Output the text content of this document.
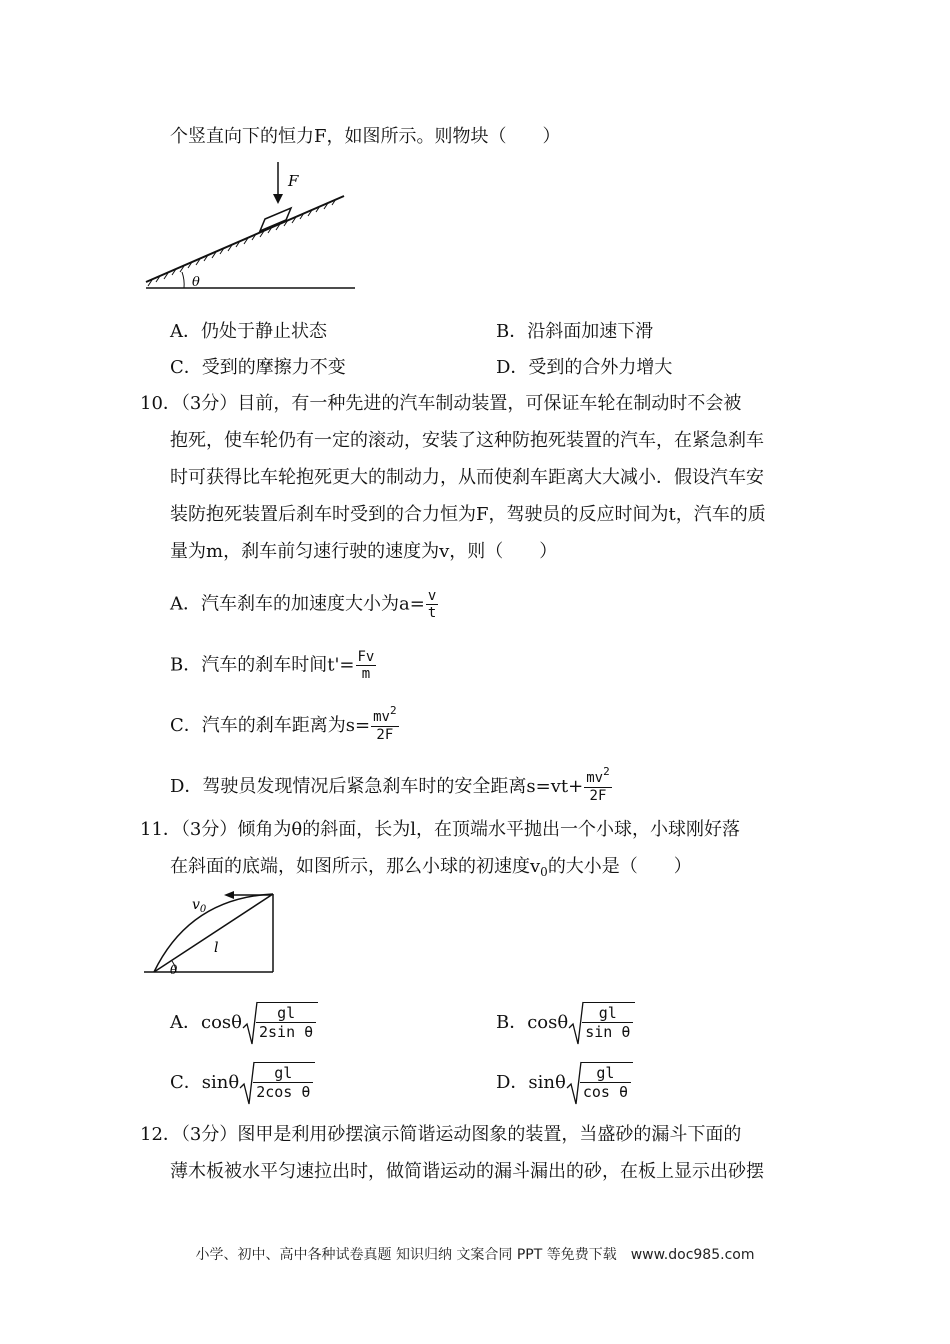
个竖直向下的恒力F，如图所示。则物块（　　）
F
θ
A．仍处于静止状态	B．沿斜面加速下滑
C．受到的摩擦力不变	D．受到的合外力增大
10．（3分）目前，有一种先进的汽车制动装置，可保证车轮在制动时不会被
抱死，使车轮仍有一定的滚动，安装了这种防抱死装置的汽车，在紧急刹车
时可获得比车轮抱死更大的制动力，从而使刹车距离大大减小．假设汽车安
装防抱死装置后刹车时受到的合力恒为F，驾驶员的反应时间为t，汽车的质
量为m，刹车前匀速行驶的速度为v，则（　　）
A．汽车刹车的加速度大小为$a= \frac{v}{t}$
B．汽车的刹车时间$t'= \frac{Fv}{m}$
C．汽车的刹车距离为$s= \frac{mv^2}{2F}$
D．驾驶员发现情况后紧急刹车时的安全距离$s=vt+ \frac{mv^2}{2F}$
11．（3分）倾角为θ的斜面，长为l，在顶端水平抛出一个小球，小球刚好落
在斜面的底端，如图所示，那么小球的初速度$v_0$的大小是（　　）
$v_0$
l
θ
A．cosθ $\frac{gl}{\text{2sin θ}}$	B．cosθ $\frac{gl}{\text{sin θ}}$
C．sinθ $\frac{gl}{\text{2cos θ}}$	D．sinθ $\frac{gl}{\text{cos θ}}$
12．（3分）图甲是利用砂摆演示简谐运动图象的装置，当盛砂的漏斗下面的
薄木板被水平匀速拉出时，做简谐运动的漏斗漏出的砂，在板上显示出砂摆
小学、初中、高中各种试卷真题 知识归纳 文案合同 PPT 等免费下载　www.doc985.com
